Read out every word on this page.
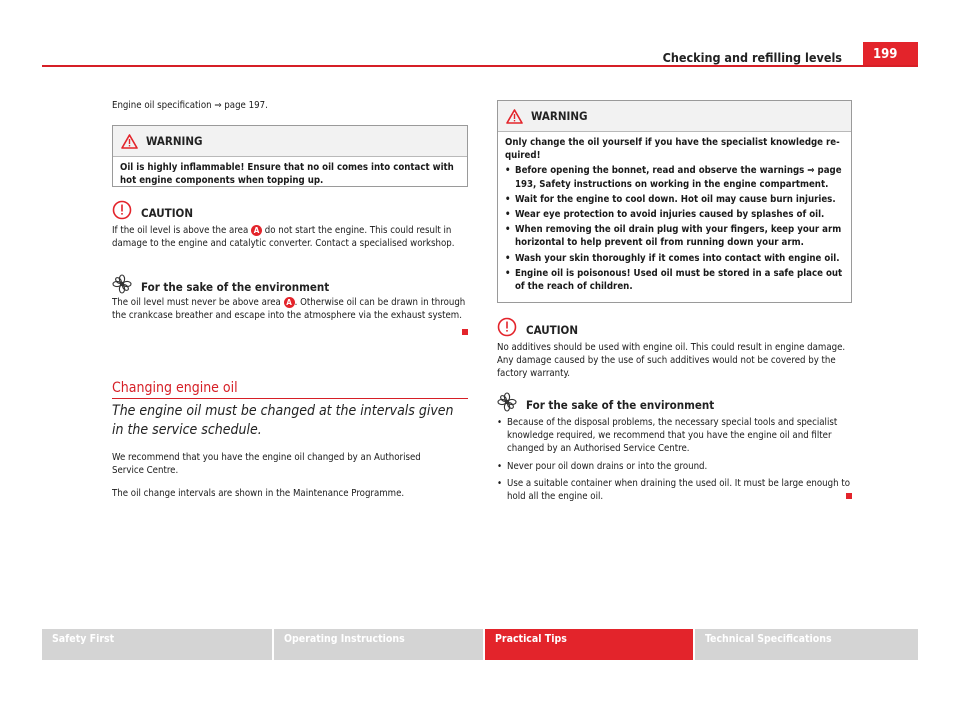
Checking and refilling levels	199

Engine oil specification ⇒ page 197.

WARNING

Oil is highly inflammable! Ensure that no oil comes into contact with hot engine components when topping up.

CAUTION

If the oil level is above the area A do not start the engine. This could result in damage to the engine and catalytic converter. Contact a specialised workshop.

For the sake of the environment

The oil level must never be above area A . Otherwise oil can be drawn in through the crankcase breather and escape into the atmosphere via the exhaust system.

Changing engine oil

The engine oil must be changed at the intervals given in the service schedule.

We recommend that you have the engine oil changed by an Authorised Service Centre.

The oil change intervals are shown in the Maintenance Programme.

WARNING

Only change the oil yourself if you have the specialist knowledge required!

• Before opening the bonnet, read and observe the warnings ⇒ page 193, Safety instructions on working in the engine compartment.
• Wait for the engine to cool down. Hot oil may cause burn injuries.
• Wear eye protection to avoid injuries caused by splashes of oil.
• When removing the oil drain plug with your fingers, keep your arm horizontal to help prevent oil from running down your arm.
• Wash your skin thoroughly if it comes into contact with engine oil.
• Engine oil is poisonous! Used oil must be stored in a safe place out of the reach of children.
CAUTION

No additives should be used with engine oil. This could result in engine damage. Any damage caused by the use of such additives would not be covered by the factory warranty.

For the sake of the environment
• Because of the disposal problems, the necessary special tools and specialist knowledge required, we recommend that you have the engine oil and filter changed by an Authorised Service Centre.
• Never pour oil down drains or into the ground.
• Use a suitable container when draining the used oil. It must be large enough to hold all the engine oil.
Safety First	Operating Instructions	Practical Tips	Technical Specifications
